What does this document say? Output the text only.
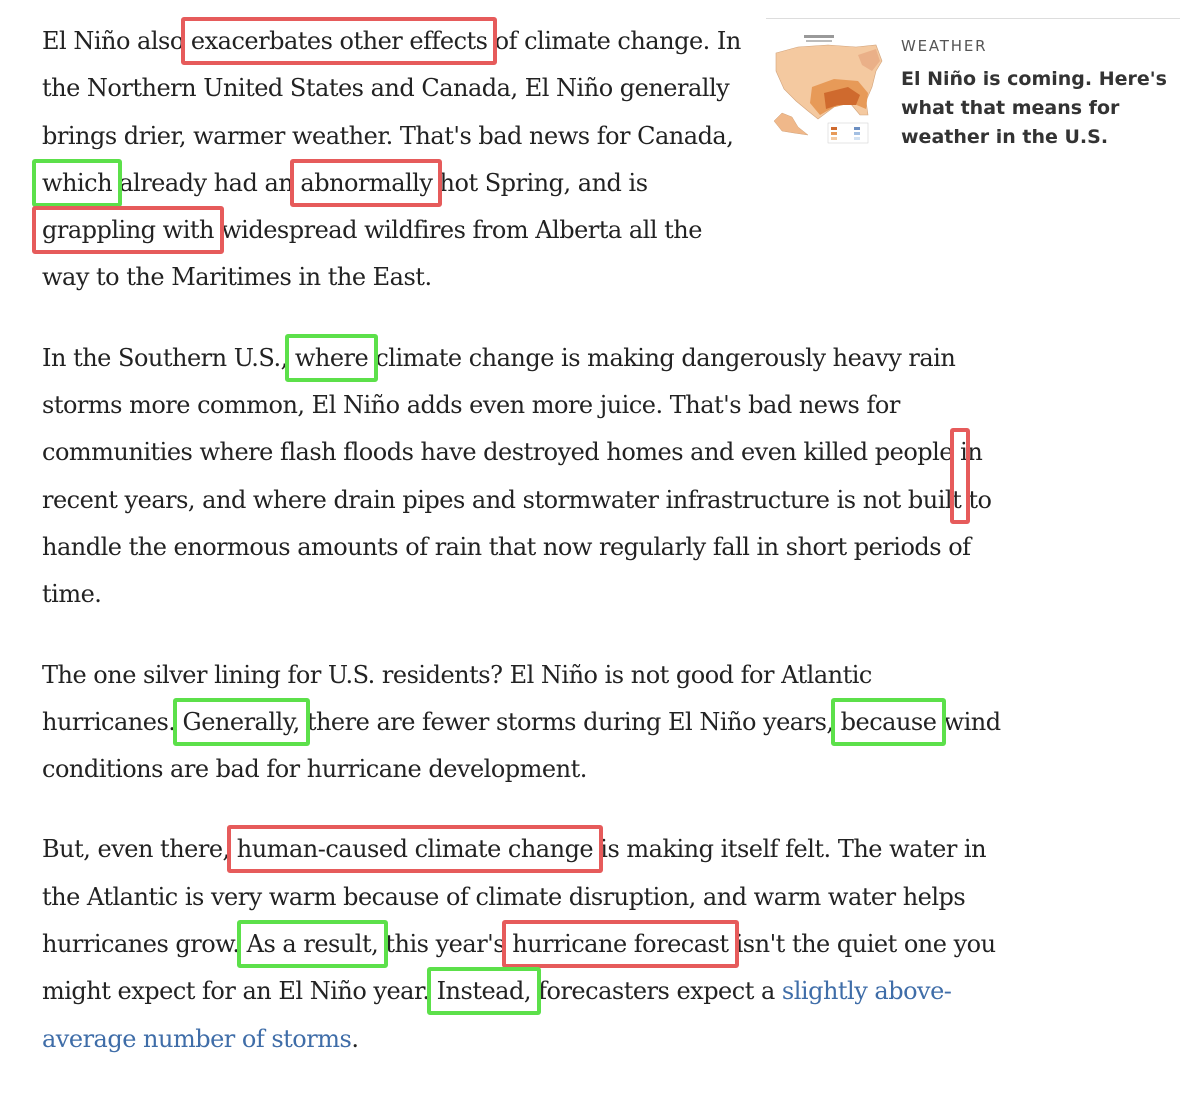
WEATHER
El Niño is coming. Here's what that means for weather in the U.S.

El Niño also exacerbates other effects of climate change. In the Northern United States and Canada, El Niño generally brings drier, warmer weather. That's bad news for Canada, which already had an abnormally hot Spring, and is grappling with widespread wildfires from Alberta all the way to the Maritimes in the East.

In the Southern U.S., where climate change is making dangerously heavy rain storms more common, El Niño adds even more juice. That's bad news for communities where flash floods have destroyed homes and even killed people in recent years, and where drain pipes and stormwater infrastructure is not built to handle the enormous amounts of rain that now regularly fall in short periods of time.

The one silver lining for U.S. residents? El Niño is not good for Atlantic hurricanes. Generally, there are fewer storms during El Niño years, because wind conditions are bad for hurricane development.

But, even there, human-caused climate change is making itself felt. The water in the Atlantic is very warm because of climate disruption, and warm water helps hurricanes grow. As a result, this year's hurricane forecast isn't the quiet one you might expect for an El Niño year. Instead, forecasters expect a slightly above-average number of storms.
